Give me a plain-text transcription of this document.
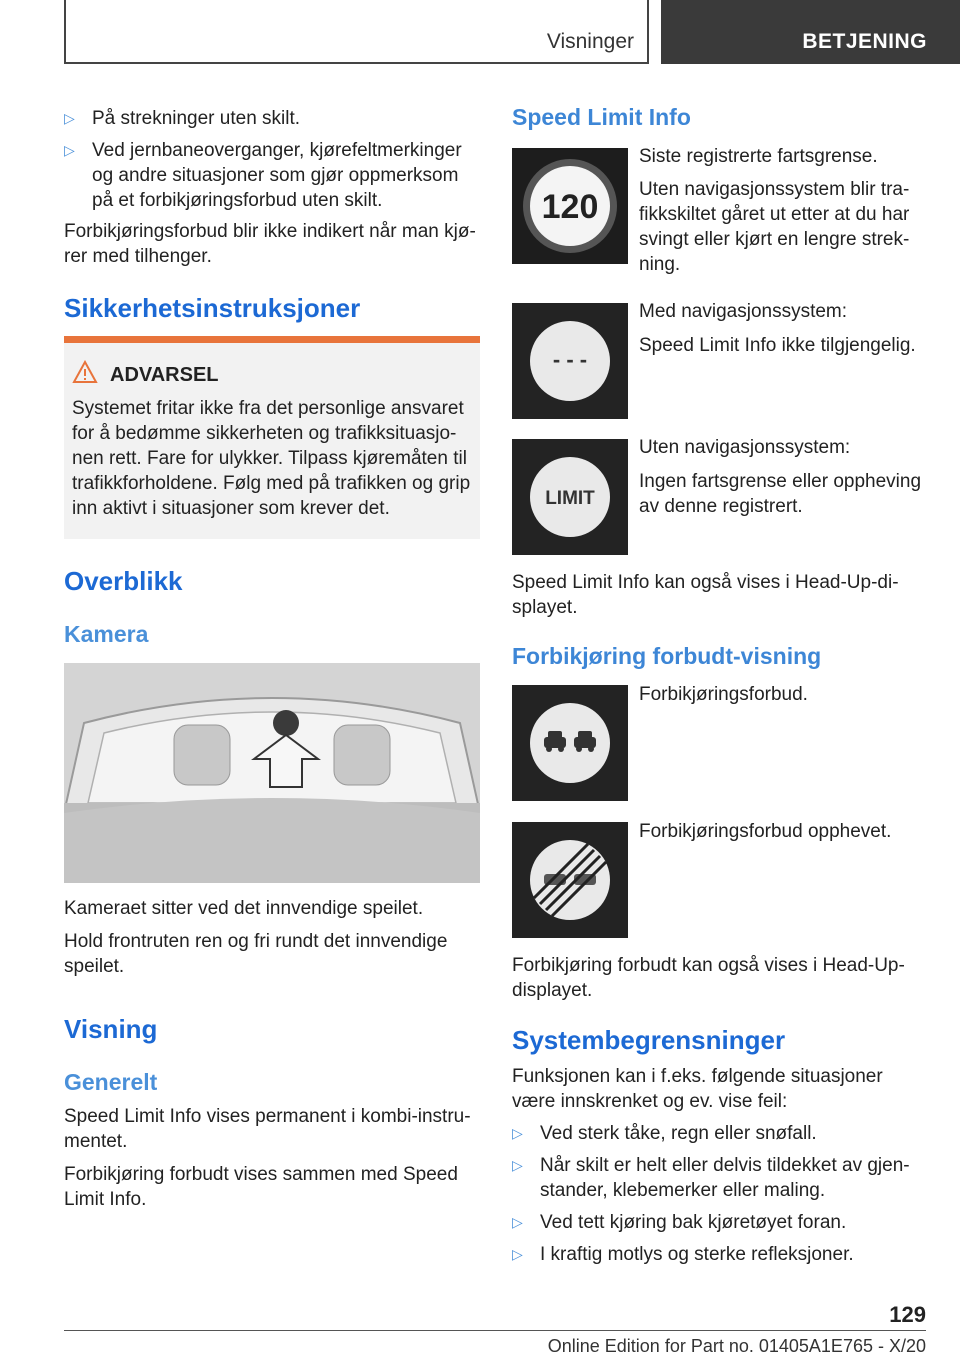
Visninger	BETJENING
▷ På strekninger uten skilt.
▷ Ved jernbaneoverganger, kjørefeltmerkinger og andre situasjoner som gjør oppmerksom på et forbikjøringsforbud uten skilt.
Forbikjøringsforbud blir ikke indikert når man kjø-rer med tilhenger.
Sikkerhetsinstruksjoner
ADVARSEL
Systemet fritar ikke fra det personlige ansvaret for å bedømme sikkerheten og trafikksituasjo-nen rett. Fare for ulykker. Tilpass kjøremåten til trafikkforholdene. Følg med på trafikken og grip inn aktivt i situasjoner som krever det.
Overblikk
Kamera
Kameraet sitter ved det innvendige speilet.
Hold frontruten ren og fri rundt det innvendige speilet.
Visning
Generelt
Speed Limit Info vises permanent i kombi-instru-mentet.
Forbikjøring forbudt vises sammen med Speed Limit Info.
Speed Limit Info
120
Siste registrerte fartsgrense.
Uten navigasjonssystem blir tra-fikkskiltet gåret ut etter at du har svingt eller kjørt en lengre strek-ning.
- - -
Med navigasjonssystem:
Speed Limit Info ikke tilgjengelig.
LIMIT
Uten navigasjonssystem:
Ingen fartsgrense eller oppheving av denne registrert.
Speed Limit Info kan også vises i Head-Up-di-splayet.
Forbikjøring forbudt-visning
Forbikjøringsforbud.
Forbikjøringsforbud opphevet.
Forbikjøring forbudt kan også vises i Head-Up-displayet.
Systembegrensninger
Funksjonen kan i f.eks. følgende situasjoner være innskrenket og ev. vise feil:
▷ Ved sterk tåke, regn eller snøfall.
▷ Når skilt er helt eller delvis tildekket av gjen-stander, klebemerker eller maling.
▷ Ved tett kjøring bak kjøretøyet foran.
▷ I kraftig motlys og sterke refleksjoner.
129
Online Edition for Part no. 01405A1E765 - X/20
